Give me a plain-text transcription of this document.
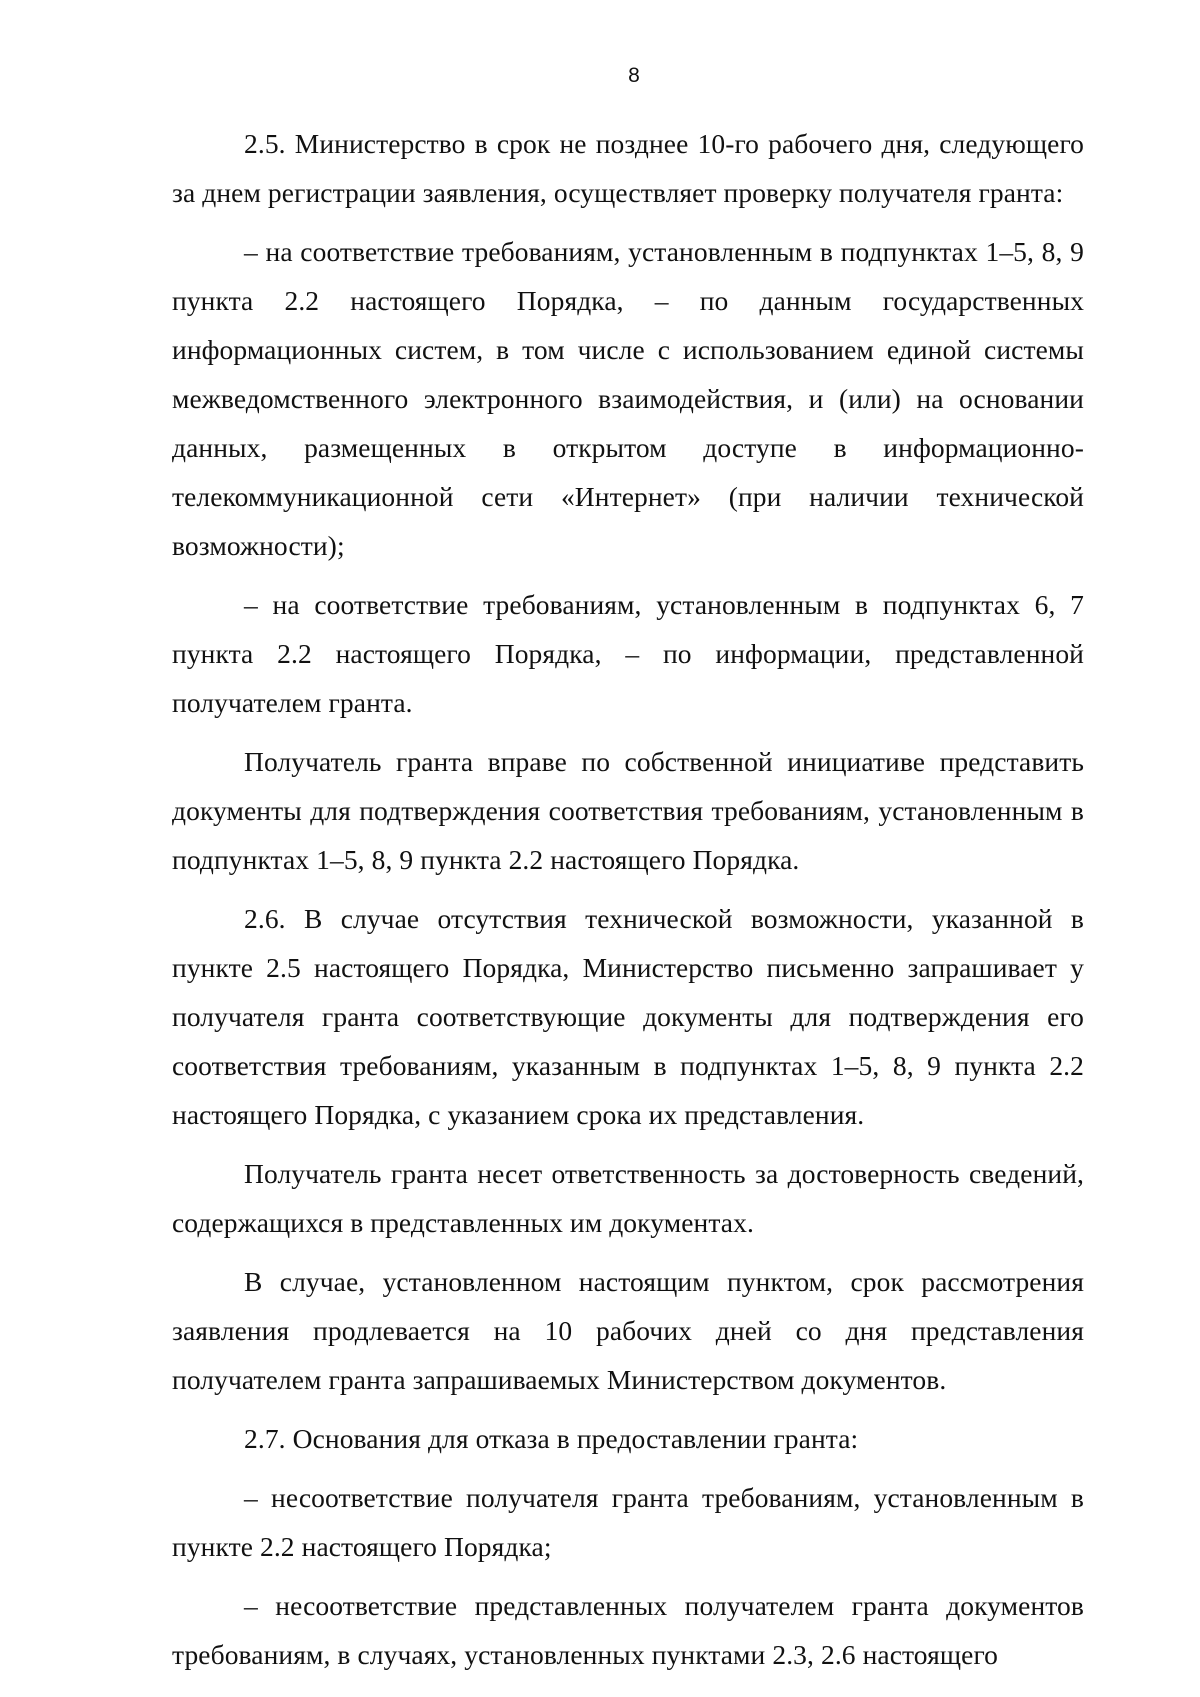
8

2.5. Министерство в срок не позднее 10-го рабочего дня, следующего за днем регистрации заявления, осуществляет проверку получателя гранта:

– на соответствие требованиям, установленным в подпунктах 1–5, 8, 9 пункта 2.2 настоящего Порядка, – по данным государственных информационных систем, в том числе с использованием единой системы межведомственного электронного взаимодействия, и (или) на основании данных, размещенных в открытом доступе в информационно-телекоммуникационной сети «Интернет» (при наличии технической возможности);

– на соответствие требованиям, установленным в подпунктах 6, 7 пункта 2.2 настоящего Порядка, – по информации, представленной получателем гранта.

Получатель гранта вправе по собственной инициативе представить документы для подтверждения соответствия требованиям, установленным в подпунктах 1–5, 8, 9 пункта 2.2 настоящего Порядка.

2.6. В случае отсутствия технической возможности, указанной в пункте 2.5 настоящего Порядка, Министерство письменно запрашивает у получателя гранта соответствующие документы для подтверждения его соответствия требованиям, указанным в подпунктах 1–5, 8, 9 пункта 2.2 настоящего Порядка, с указанием срока их представления.

Получатель гранта несет ответственность за достоверность сведений, содержащихся в представленных им документах.

В случае, установленном настоящим пунктом, срок рассмотрения заявления продлевается на 10 рабочих дней со дня представления получателем гранта запрашиваемых Министерством документов.

2.7. Основания для отказа в предоставлении гранта:

– несоответствие получателя гранта требованиям, установленным в пункте 2.2 настоящего Порядка;

– несоответствие представленных получателем гранта документов требованиям, в случаях, установленных пунктами 2.3, 2.6 настоящего
